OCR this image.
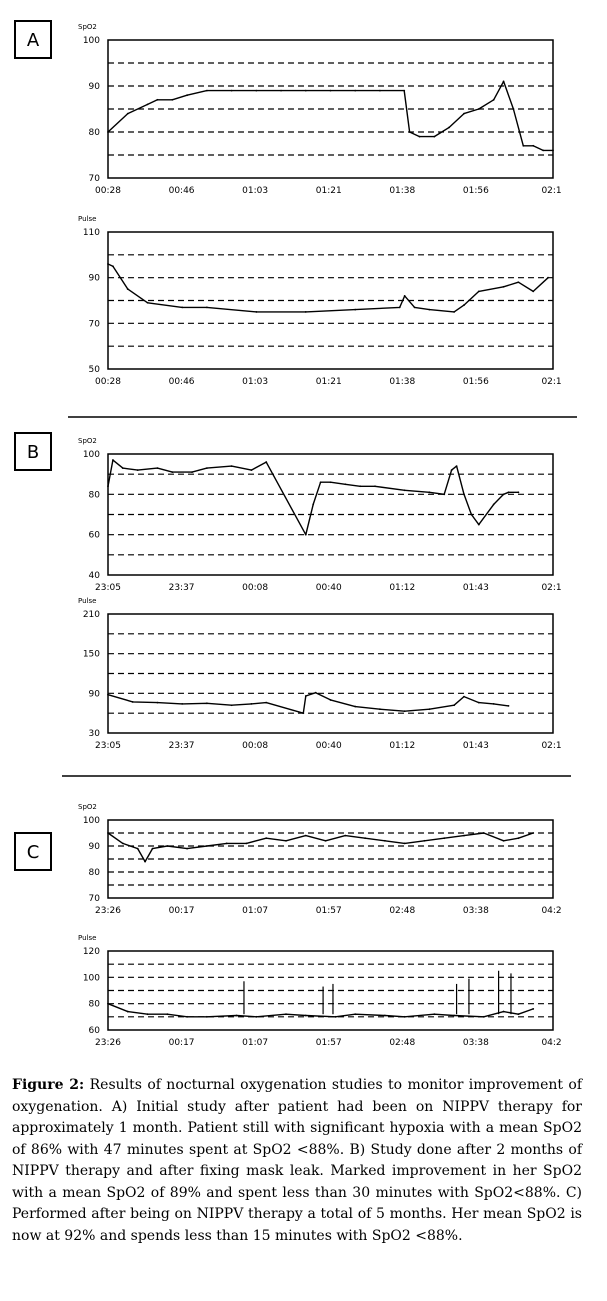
A
B
C
SpO2
100
90
80
70
00:28	00:46	01:03	01:21	01:38	01:56	02:1
Pulse
110
90
70
50
00:28	00:46	01:03	01:21	01:38	01:56	02:1
SpO2
100
80
60
40
23:05	23:37	00:08	00:40	01:12	01:43	02:1
Pulse
210
150
90
30
23:05	23:37	00:08	00:40	01:12	01:43	02:1
SpO2
100
90
80
70
23:26	00:17	01:07	01:57	02:48	03:38	04:2
Pulse
120
100
80
60
23:26	00:17	01:07	01:57	02:48	03:38	04:2
Figure 2: Results of nocturnal oxygenation studies to monitor improvement of oxygenation. A) Initial study after patient had been on NIPPV therapy for approximately 1 month. Patient still with significant hypoxia with a mean SpO2 of 86% with 47 minutes spent at SpO2 <88%. B) Study done after 2 months of NIPPV therapy and after fixing mask leak. Marked improvement in her SpO2 with a mean SpO2 of 89% and spent less than 30 minutes with SpO2<88%. C) Performed after being on NIPPV therapy a total of 5 months. Her mean SpO2 is now at 92% and spends less than 15 minutes with SpO2 <88%.
